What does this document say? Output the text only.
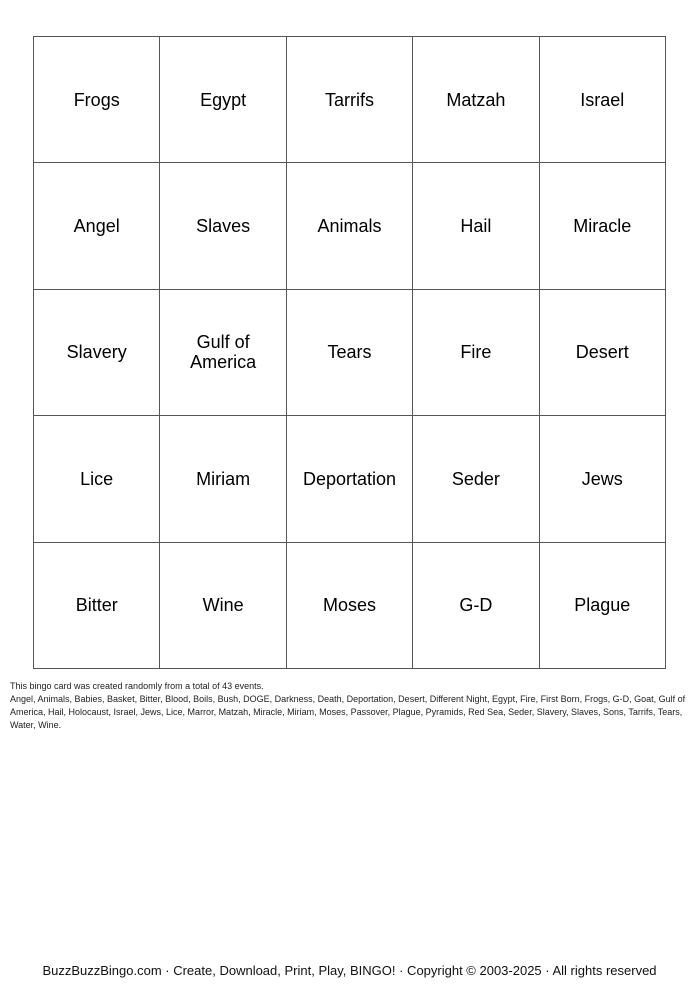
Frogs	Egypt	Tarrifs	Matzah	Israel
Angel	Slaves	Animals	Hail	Miracle
Slavery	Gulf of America	Tears	Fire	Desert
Lice	Miriam	Deportation	Seder	Jews
Bitter	Wine	Moses	G-D	Plague
This bingo card was created randomly from a total of 43 events.
Angel, Animals, Babies, Basket, Bitter, Blood, Boils, Bush, DOGE, Darkness, Death, Deportation, Desert, Different Night, Egypt, Fire, First Born, Frogs, G-D, Goat, Gulf of America, Hail, Holocaust, Israel, Jews, Lice, Marror, Matzah, Miracle, Miriam, Moses, Passover, Plague, Pyramids, Red Sea, Seder, Slavery, Slaves, Sons, Tarrifs, Tears, Water, Wine.
BuzzBuzzBingo.com · Create, Download, Print, Play, BINGO! · Copyright © 2003-2025 · All rights reserved
